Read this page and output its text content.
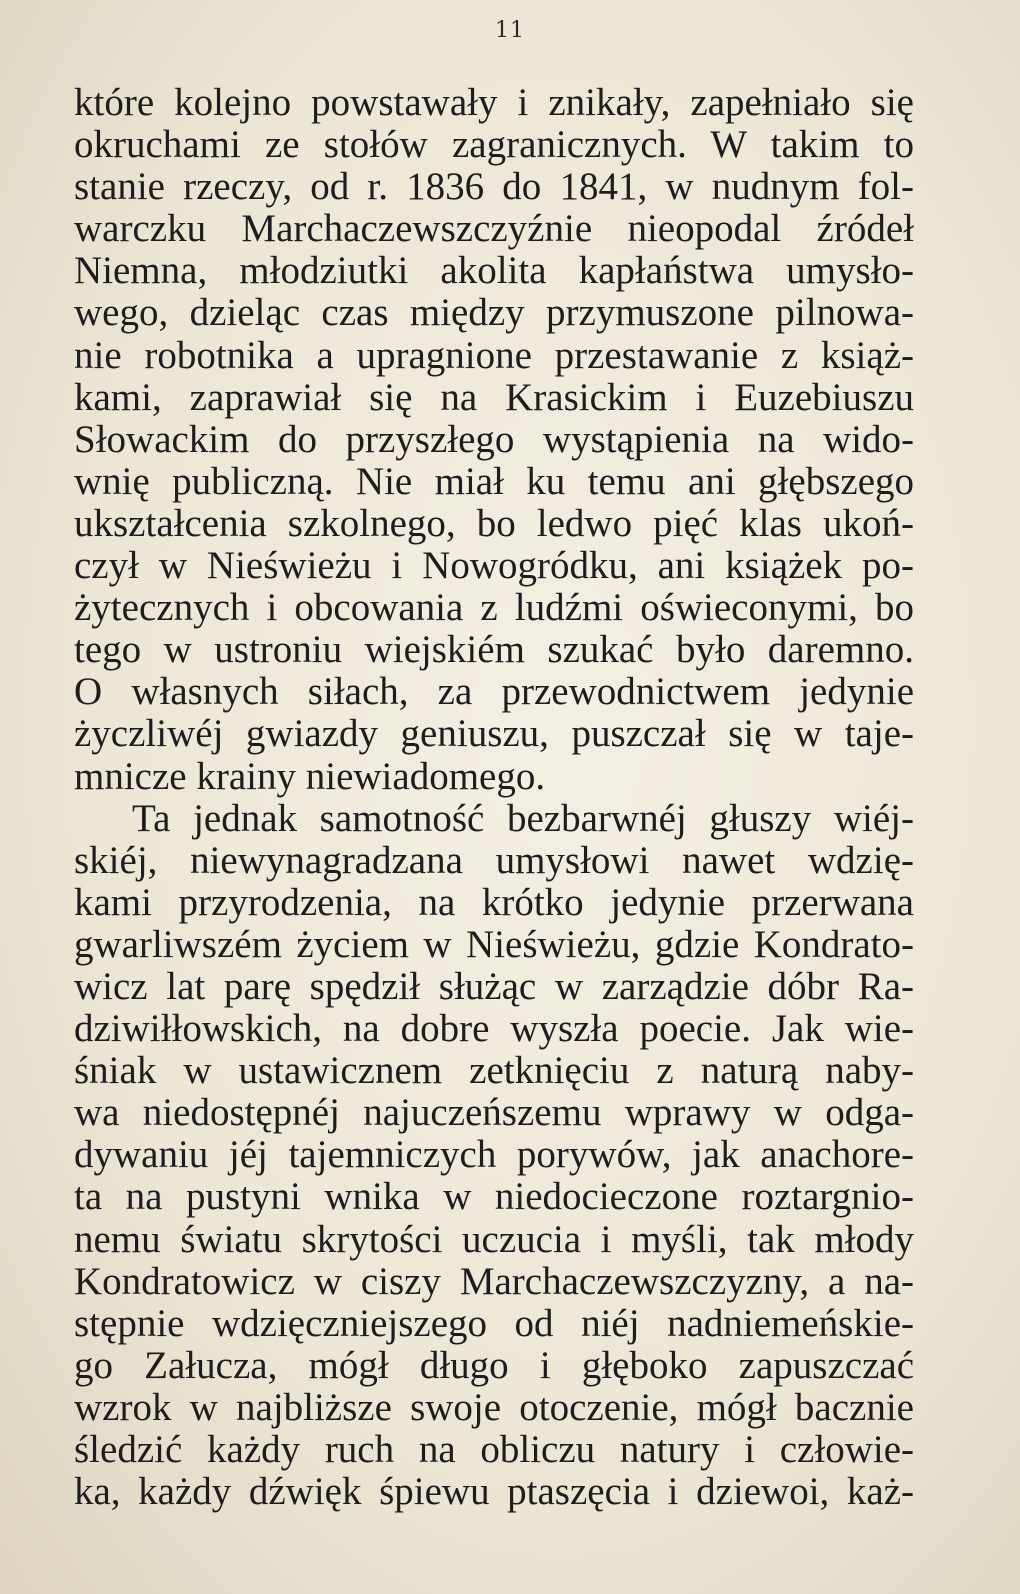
11
które kolejno powstawały i znikały, zapełniało się
okruchami ze stołów zagranicznych. W takim to
stanie rzeczy, od r. 1836 do 1841, w nudnym fol-
warczku Marchaczewszczyźnie nieopodal źródeł
Niemna, młodziutki akolita kapłaństwa umysło-
wego, dzieląc czas między przymuszone pilnowa-
nie robotnika a upragnione przestawanie z książ-
kami, zaprawiał się na Krasickim i Euzebiuszu
Słowackim do przyszłego wystąpienia na wido-
wnię publiczną. Nie miał ku temu ani głębszego
ukształcenia szkolnego, bo ledwo pięć klas ukoń-
czył w Nieświeżu i Nowogródku, ani książek po-
żytecznych i obcowania z ludźmi oświeconymi, bo
tego w ustroniu wiejskiém szukać było daremno.
O własnych siłach, za przewodnictwem jedynie
życzliwéj gwiazdy geniuszu, puszczał się w taje-
mnicze krainy niewiadomego.
Ta jednak samotność bezbarwnéj głuszy wiéj-
skiéj, niewynagradzana umysłowi nawet wdzię-
kami przyrodzenia, na krótko jedynie przerwana
gwarliwszém życiem w Nieświeżu, gdzie Kondrato-
wicz lat parę spędził służąc w zarządzie dóbr Ra-
dziwiłłowskich, na dobre wyszła poecie. Jak wie-
śniak w ustawicznem zetknięciu z naturą naby-
wa niedostępnéj najuczeńszemu wprawy w odga-
dywaniu jéj tajemniczych porywów, jak anachore-
ta na pustyni wnika w niedocieczone roztargnio-
nemu światu skrytości uczucia i myśli, tak młody
Kondratowicz w ciszy Marchaczewszczyzny, a na-
stępnie wdzięczniejszego od niéj nadniemeńskie-
go Załucza, mógł długo i głęboko zapuszczać
wzrok w najbliższe swoje otoczenie, mógł bacznie
śledzić każdy ruch na obliczu natury i człowie-
ka, każdy dźwięk śpiewu ptaszęcia i dziewoi, każ-
